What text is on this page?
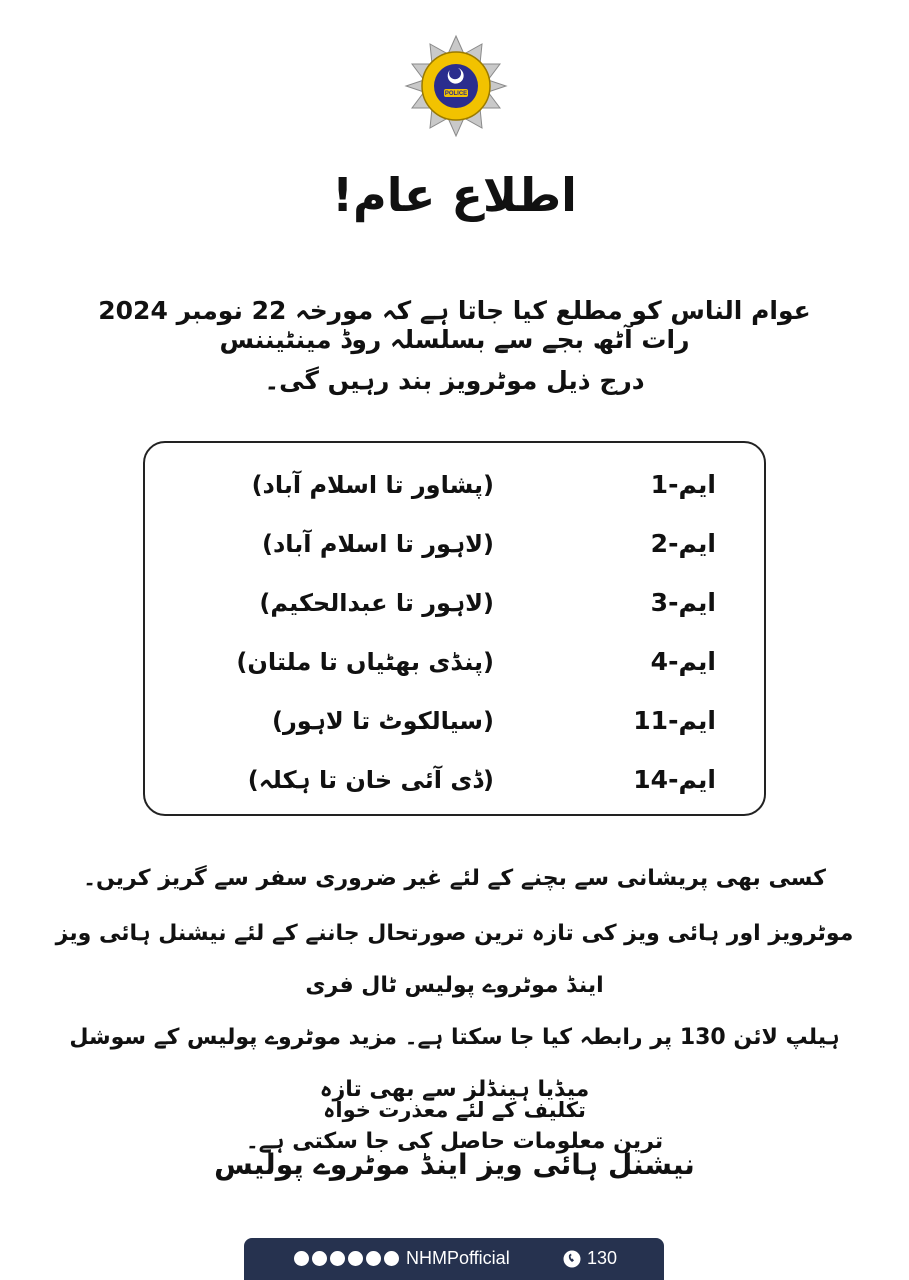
POLICE
اطلاع عام!
عوام الناس کو مطلع کیا جاتا ہے کہ مورخہ 22 نومبر 2024 رات آٹھ بجے سے بسلسلہ روڈ مینٹیننس
درج ذیل موٹرویز بند رہیں گی۔
ایم-1
(پشاور تا اسلام آباد)
ایم-2
(لاہور تا اسلام آباد)
ایم-3
(لاہور تا عبدالحکیم)
ایم-4
(پنڈی بھٹیاں تا ملتان)
ایم-11
(سیالکوٹ تا لاہور)
ایم-14
(ڈی آئی خان تا ہکلہ)
کسی بھی پریشانی سے بچنے کے لئے غیر ضروری سفر سے گریز کریں۔
موٹرویز اور ہائی ویز کی تازہ ترین صورتحال جاننے کے لئے نیشنل ہائی ویز اینڈ موٹروے پولیس ٹال فری
ہیلپ لائن 130 پر رابطہ کیا جا سکتا ہے۔ مزید موٹروے پولیس کے سوشل میڈیا ہینڈلز سے بھی تازہ
ترین معلومات حاصل کی جا سکتی ہے۔
تکلیف کے لئے معذرت خواہ
نیشنل ہائی ویز اینڈ موٹروے پولیس
NHMPofficial	130
